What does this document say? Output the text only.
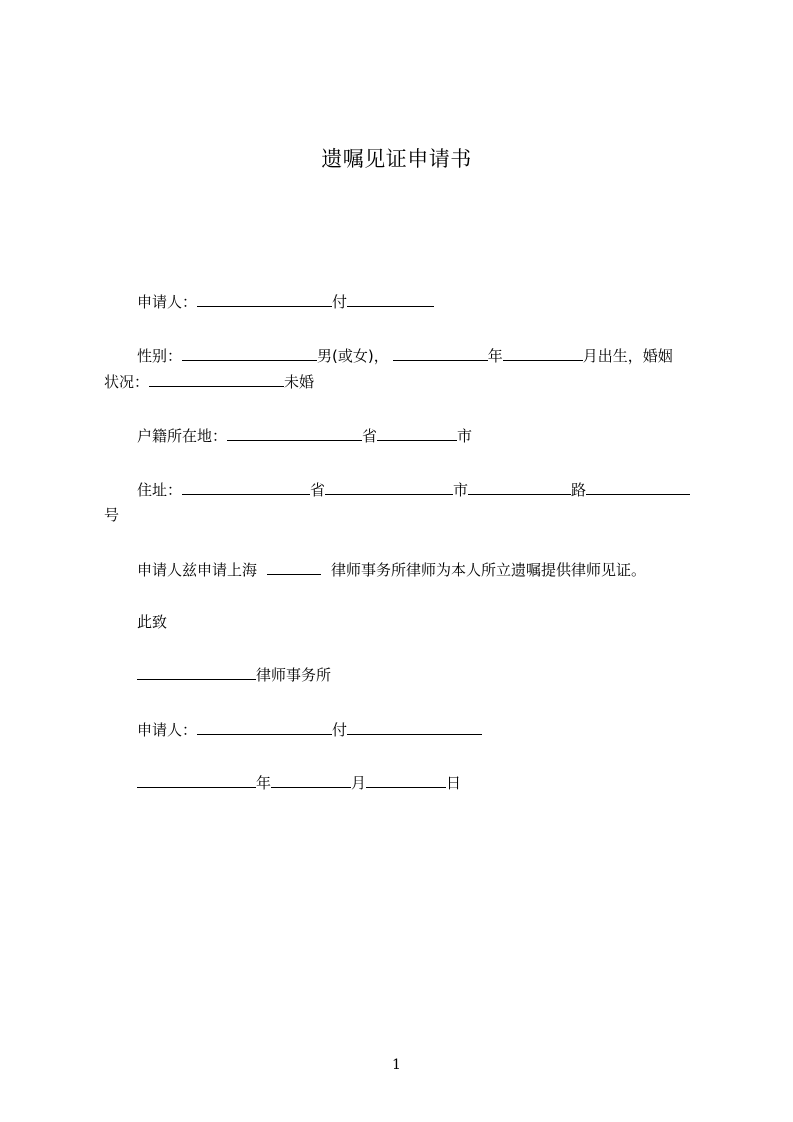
遗嘱见证申请书
申请人：	付
性别：	男(或女)，	年	月出生，婚姻
状况：	未婚
户籍所在地：	省	市
住址：	省	市	路
号
申请人兹申请上海	律师事务所律师为本人所立遗嘱提供律师见证。
此致
律师事务所
申请人：	付
年	月	日
1
